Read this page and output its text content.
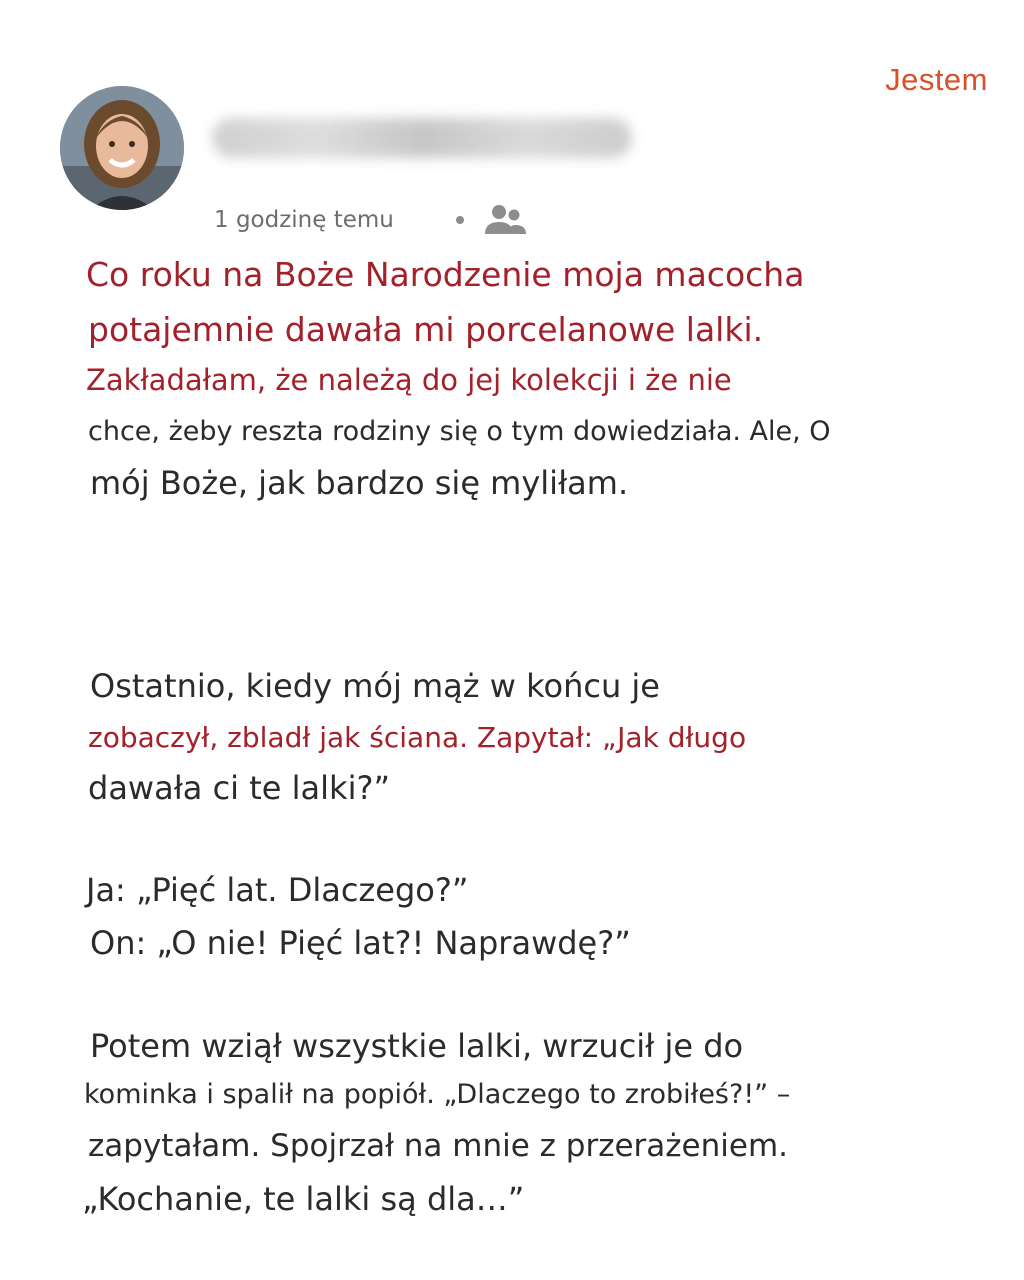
Jestem
1 godzinę temu
Co roku na Boże Narodzenie moja macocha
potajemnie dawała mi porcelanowe lalki.
Zakładałam, że należą do jej kolekcji i że nie
chce, żeby reszta rodziny się o tym dowiedziała. Ale, O
mój Boże, jak bardzo się myliłam.
Ostatnio, kiedy mój mąż w końcu je
zobaczył, zbladł jak ściana. Zapytał: „Jak długo
dawała ci te lalki?”
Ja: „Pięć lat. Dlaczego?”
On: „O nie! Pięć lat?! Naprawdę?”
Potem wziął wszystkie lalki, wrzucił je do
kominka i spalił na popiół. „Dlaczego to zrobiłeś?!” –
zapytałam. Spojrzał na mnie z przerażeniem.
„Kochanie, te lalki są dla…”
